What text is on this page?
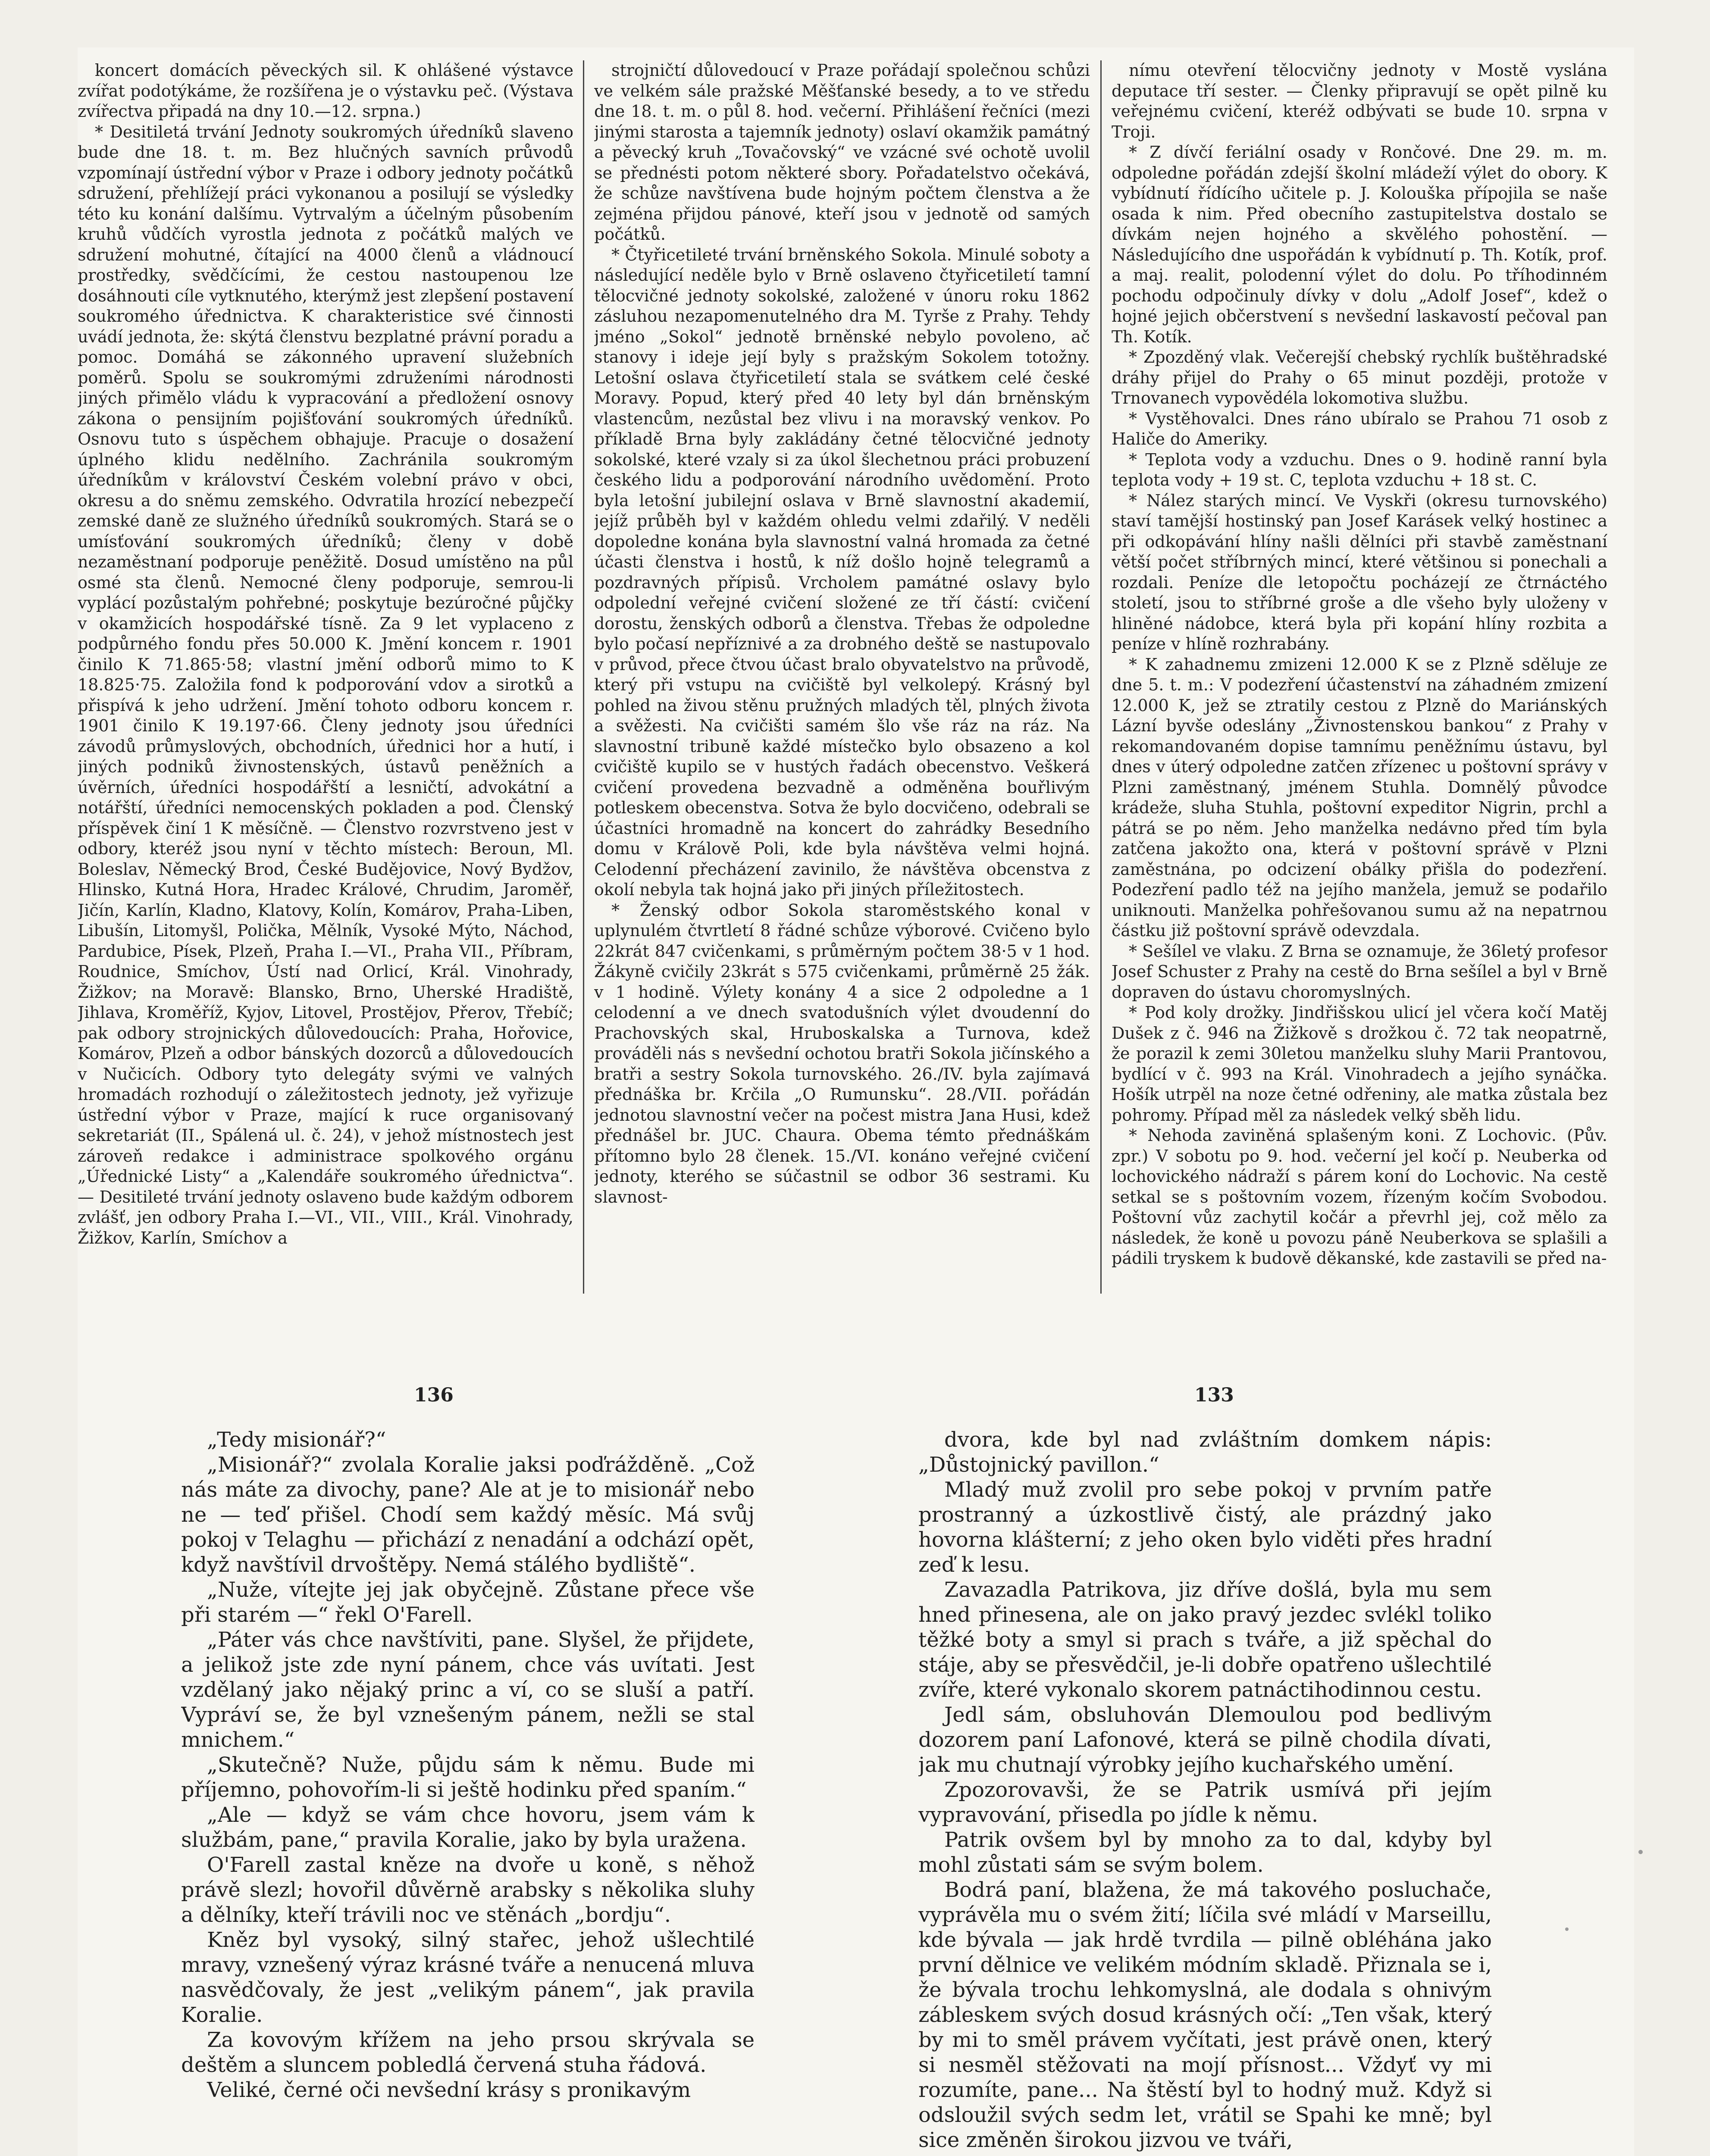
koncert domácích pěveckých sil. K ohlášené výstavce zvířat podotýkáme, že rozšířena je o výstavku peč. (Výstava zvířectva připadá na dny 10.—12. srpna.)

* Desitiletá trvání Jednoty soukromých úředníků slaveno bude dne 18. t. m. Bez hlučných savních průvodů vzpomínají ústřední výbor v Praze i odbory jednoty počátků sdružení, přehlížejí práci vykonanou a posilují se výsledky této ku konání dalšímu. Vytrvalým a účelným působením kruhů vůdčích vyrostla jednota z počátků malých ve sdružení mohutné, čítající na 4000 členů a vládnoucí prostředky, svědčícími, že cestou nastoupenou lze dosáhnouti cíle vytknutého, kterýmž jest zlepšení postavení soukromého úřednictva. K charakteristice své činnosti uvádí jednota, že: skýtá členstvu bezplatné právní poradu a pomoc. Domáhá se zákonného upravení služebních poměrů. Spolu se soukromými združeními národnosti jiných přimělo vládu k vypracování a předložení osnovy zákona o pensijním pojišťování soukromých úředníků. Osnovu tuto s úspěchem obhajuje. Pracuje o dosažení úplného klidu nedělního. Zachránila soukromým úředníkům v království Českém volební právo v obci, okresu a do sněmu zemského. Odvratila hrozící nebezpečí zemské daně ze služného úředníků soukromých. Stará se o umísťování soukromých úředníků; členy v době nezaměstnaní podporuje peněžitě. Dosud umístěno na půl osmé sta členů. Nemocné členy podporuje, semrou-li vyplácí pozůstalým pohřebné; poskytuje bezúročné půjčky v okamžicích hospodářské tísně. Za 9 let vyplaceno z podpůrného fondu přes 50.000 K. Jmění koncem r. 1901 činilo K 71.865·58; vlastní jmění odborů mimo to K 18.825·75. Založila fond k podporování vdov a sirotků a přispívá k jeho udržení. Jmění tohoto odboru koncem r. 1901 činilo K 19.197·66. Členy jednoty jsou úředníci závodů průmyslových, obchodních, úřednici hor a hutí, i jiných podniků živnostenských, ústavů peněžních a úvěrních, úředníci hospodářští a lesničtí, advokátní a notářští, úředníci nemocenských pokladen a pod. Členský příspěvek činí 1 K měsíčně. — Členstvo rozvrstveno jest v odbory, kteréž jsou nyní v těchto místech: Beroun, Ml. Boleslav, Německý Brod, České Budějovice, Nový Bydžov, Hlinsko, Kutná Hora, Hradec Králové, Chrudim, Jaroměř, Jičín, Karlín, Kladno, Klatovy, Kolín, Komárov, Praha-Liben, Libušín, Litomyšl, Polička, Mělník, Vysoké Mýto, Náchod, Pardubice, Písek, Plzeň, Praha I.—VI., Praha VII., Příbram, Roudnice, Smíchov, Ústí nad Orlicí, Král. Vinohrady, Žižkov; na Moravě: Blansko, Brno, Uherské Hradiště, Jihlava, Kroměříž, Kyjov, Litovel, Prostějov, Přerov, Třebíč; pak odbory strojnických důlovedoucích: Praha, Hořovice, Komárov, Plzeň a odbor bánských dozorců a důlovedoucích v Nučicích. Odbory tyto delegáty svými ve valných hromadách rozhodují o záležitostech jednoty, jež vyřizuje ústřední výbor v Praze, mající k ruce organisovaný sekretariát (II., Spálená ul. č. 24), v jehož místnostech jest zároveň redakce i administrace spolkového orgánu „Úřednické Listy“ a „Kalendáře soukromého úřednictva“. — Desitileté trvání jednoty oslaveno bude každým odborem zvlášť, jen odbory Praha I.—VI., VII., VIII., Král. Vinohrady, Žižkov, Karlín, Smíchov a

strojničtí důlovedoucí v Praze pořádají společnou schůzi ve velkém sále pražské Měšťanské besedy, a to ve středu dne 18. t. m. o půl 8. hod. večerní. Přihlášení řečníci (mezi jinými starosta a tajemník jednoty) oslaví okamžik památný a pěvecký kruh „Tovačovský“ ve vzácné své ochotě uvolil se přednésti potom některé sbory. Pořadatelstvo očekává, že schůze navštívena bude hojným počtem členstva a že zejména přijdou pánové, kteří jsou v jednotě od samých počátků.

* Čtyřicetileté trvání brněnského Sokola. Minulé soboty a následující neděle bylo v Brně oslaveno čtyřicetiletí tamní tělocvičné jednoty sokolské, založené v únoru roku 1862 zásluhou nezapomenutelného dra M. Tyrše z Prahy. Tehdy jméno „Sokol“ jednotě brněnské nebylo povoleno, ač stanovy i ideje její byly s pražským Sokolem totožny. Letošní oslava čtyřicetiletí stala se svátkem celé české Moravy. Popud, který před 40 lety byl dán brněnským vlastencům, nezůstal bez vlivu i na moravský venkov. Po příkladě Brna byly zakládány četné tělocvičné jednoty sokolské, které vzaly si za úkol šlechetnou práci probuzení českého lidu a podporování národního uvědomění. Proto byla letošní jubilejní oslava v Brně slavnostní akademií, jejíž průběh byl v každém ohledu velmi zdařilý. V neděli dopoledne konána byla slavnostní valná hromada za četné účasti členstva i hostů, k níž došlo hojně telegramů a pozdravných přípisů. Vrcholem památné oslavy bylo odpolední veřejné cvičení složené ze tří částí: cvičení dorostu, ženských odborů a členstva. Třebas že odpoledne bylo počasí nepříznivé a za drobného deště se nastupovalo v průvod, přece čtvou účast bralo obyvatelstvo na průvodě, který při vstupu na cvičiště byl velkolepý. Krásný byl pohled na živou stěnu pružných mladých těl, plných života a svěžesti. Na cvičišti samém šlo vše ráz na ráz. Na slavnostní tribuně každé místečko bylo obsazeno a kol cvičiště kupilo se v hustých řadách obecenstvo. Veškerá cvičení provedena bezvadně a odměněna bouřlivým potleskem obecenstva. Sotva že bylo docvičeno, odebrali se účastníci hromadně na koncert do zahrádky Besedního domu v Králově Poli, kde byla návštěva velmi hojná. Celodenní přecházení zavinilo, že návštěva obcenstva z okolí nebyla tak hojná jako při jiných příležitostech.

* Ženský odbor Sokola staroměstského konal v uplynulém čtvrtletí 8 řádné schůze výborové. Cvičeno bylo 22krát 847 cvičenkami, s průměrným počtem 38·5 v 1 hod. Žákyně cvičily 23krát s 575 cvičenkami, průměrně 25 žák. v 1 hodině. Výlety konány 4 a sice 2 odpoledne a 1 celodenní a ve dnech svatodušních výlet dvoudenní do Prachovských skal, Hruboskalska a Turnova, kdež prováděli nás s nevšední ochotou bratři Sokola jičínského a bratři a sestry Sokola turnovského. 26./IV. byla zajímavá přednáška br. Krčila „O Rumunsku“. 28./VII. pořádán jednotou slavnostní večer na počest mistra Jana Husi, kdež přednášel br. JUC. Chaura. Obema témto přednáškám přítomno bylo 28 členek. 15./VI. konáno veřejné cvičení jednoty, kterého se súčastnil se odbor 36 sestrami. Ku slavnost-

nímu otevření tělocvičny jednoty v Mostě vyslána deputace tří sester. — Členky připravují se opět pilně ku veřejnému cvičení, kteréž odbývati se bude 10. srpna v Troji.

* Z dívčí feriální osady v Rončové. Dne 29. m. m. odpoledne pořádán zdejší školní mládeží výlet do obory. K vybídnutí řídícího učitele p. J. Kolouška přípojila se naše osada k nim. Před obecního zastupitelstva dostalo se dívkám nejen hojného a skvělého pohostění. — Následujícího dne uspořádán k vybídnutí p. Th. Kotík, prof. a maj. realit, polodenní výlet do dolu. Po tříhodinném pochodu odpočinuly dívky v dolu „Adolf Josef“, kdež o hojné jejich občerstvení s nevšední laskavostí pečoval pan Th. Kotík.

* Zpozděný vlak. Večerejší chebský rychlík buštěhradské dráhy přijel do Prahy o 65 minut později, protože v Trnovanech vypovědéla lokomotiva službu.

* Vystěhovalci. Dnes ráno ubíralo se Prahou 71 osob z Haliče do Ameriky.

* Teplota vody a vzduchu. Dnes o 9. hodině ranní byla teplota vody + 19 st. C, teplota vzduchu + 18 st. C.

* Nález starých mincí. Ve Vyskři (okresu turnovského) staví tamější hostinský pan Josef Karásek velký hostinec a při odkopávání hlíny našli dělníci při stavbě zaměstnaní větší počet stříbrných mincí, které většinou si ponechali a rozdali. Peníze dle letopočtu pocházejí ze čtrnáctého století, jsou to stříbrné groše a dle všeho byly uloženy v hliněné nádobce, která byla při kopání hlíny rozbita a peníze v hlíně rozhrabány.

* K zahadnemu zmizeni 12.000 K se z Plzně sděluje ze dne 5. t. m.: V podezření účastenství na záhadném zmizení 12.000 K, jež se ztratily cestou z Plzně do Mariánských Lázní byvše odeslány „Živnostenskou bankou“ z Prahy v rekomandovaném dopise tamnímu peněžnímu ústavu, byl dnes v úterý odpoledne zatčen zřízenec u poštovní správy v Plzni zaměstnaný, jménem Stuhla. Domnělý původce krádeže, sluha Stuhla, poštovní expeditor Nigrin, prchl a pátrá se po něm. Jeho manželka nedávno před tím byla zatčena jakožto ona, která v poštovní správě v Plzni zaměstnána, po odcizení obálky přišla do podezření. Podezření padlo též na jejího manžela, jemuž se podařilo uniknouti. Manželka pohřešovanou sumu až na nepatrnou částku již poštovní správě odevzdala.

* Sešílel ve vlaku. Z Brna se oznamuje, že 36letý profesor Josef Schuster z Prahy na cestě do Brna sešílel a byl v Brně dopraven do ústavu choromyslných.

* Pod koly drožky. Jindřišskou ulicí jel včera kočí Matěj Dušek z č. 946 na Žižkově s drožkou č. 72 tak neopatrně, že porazil k zemi 30letou manželku sluhy Marii Prantovou, bydlící v č. 993 na Král. Vinohradech a jejího synáčka. Hošík utrpěl na noze četné odřeniny, ale matka zůstala bez pohromy. Případ měl za následek velký sběh lidu.

* Nehoda zaviněná splašeným koni. Z Lochovic. (Pův. zpr.) V sobotu po 9. hod. večerní jel kočí p. Neuberka od lochovického nádraží s párem koní do Lochovic. Na cestě setkal se s poštovním vozem, řízeným kočím Svobodou. Poštovní vůz zachytil kočár a převrhl jej, což mělo za následek, že koně u povozu páně Neuberkova se splašili a pádili tryskem k budově děkanské, kde zastavili se před na-

136	133

„Tedy misionář?“

„Misionář?“ zvolala Koralie jaksi poďrážděně. „Což nás máte za divochy, pane? Ale at je to misionář nebo ne — teď přišel. Chodí sem každý měsíc. Má svůj pokoj v Telaghu — přichází z nenadání a odchází opět, když navštívil drvoštěpy. Nemá stálého bydliště“.

„Nuže, vítejte jej jak obyčejně. Zůstane přece vše při starém —“ řekl O'Farell.

„Páter vás chce navštíviti, pane. Slyšel, že přijdete, a jelikož jste zde nyní pánem, chce vás uvítati. Jest vzdělaný jako nějaký princ a ví, co se sluší a patří. Vypráví se, že byl vznešeným pánem, nežli se stal mnichem.“

„Skutečně? Nuže, půjdu sám k němu. Bude mi příjemno, pohovořím-li si ještě hodinku před spaním.“

„Ale — když se vám chce hovoru, jsem vám k službám, pane,“ pravila Koralie, jako by byla uražena.

O'Farell zastal kněze na dvoře u koně, s něhož právě slezl; hovořil důvěrně arabsky s několika sluhy a dělníky, kteří trávili noc ve stěnách „bordju“.

Kněz byl vysoký, silný stařec, jehož ušlechtilé mravy, vznešený výraz krásné tváře a nenucená mluva nasvědčovaly, že jest „velikým pánem“, jak pravila Koralie.

Za kovovým křížem na jeho prsou skrývala se deštěm a sluncem pobledlá červená stuha řádová.

Veliké, černé oči nevšední krásy s pronikavým

dvora, kde byl nad zvláštním domkem nápis: „Důstojnický pavillon.“

Mladý muž zvolil pro sebe pokoj v prvním patře prostranný a úzkostlivě čistý, ale prázdný jako hovorna klášterní; z jeho oken bylo viděti přes hradní zeď k lesu.

Zavazadla Patrikova, jiz dříve došlá, byla mu sem hned přinesena, ale on jako pravý jezdec svlékl toliko těžké boty a smyl si prach s tváře, a již spěchal do stáje, aby se přesvědčil, je-li dobře opatřeno ušlechtilé zvíře, které vykonalo skorem patnáctihodinnou cestu.

Jedl sám, obsluhován Dlemoulou pod bedlivým dozorem paní Lafonové, která se pilně chodila dívati, jak mu chutnají výrobky jejího kuchařského umění.

Zpozorovavši, že se Patrik usmívá při jejím vypravování, přisedla po jídle k němu.

Patrik ovšem byl by mnoho za to dal, kdyby byl mohl zůstati sám se svým bolem.

Bodrá paní, blažena, že má takového posluchače, vyprávěla mu o svém žití; líčila své mládí v Marseillu, kde bývala — jak hrdě tvrdila — pilně obléhána jako první dělnice ve velikém módním skladě. Přiznala se i, že bývala trochu lehkomyslná, ale dodala s ohnivým zábleskem svých dosud krásných očí: „Ten však, který by mi to směl právem vyčítati, jest právě onen, který si nesměl stěžovati na mojí přísnost... Vždyť vy mi rozumíte, pane... Na štěstí byl to hodný muž. Když si odsloužil svých sedm let, vrátil se Spahi ke mně; byl sice změněn širokou jizvou ve tváři,
